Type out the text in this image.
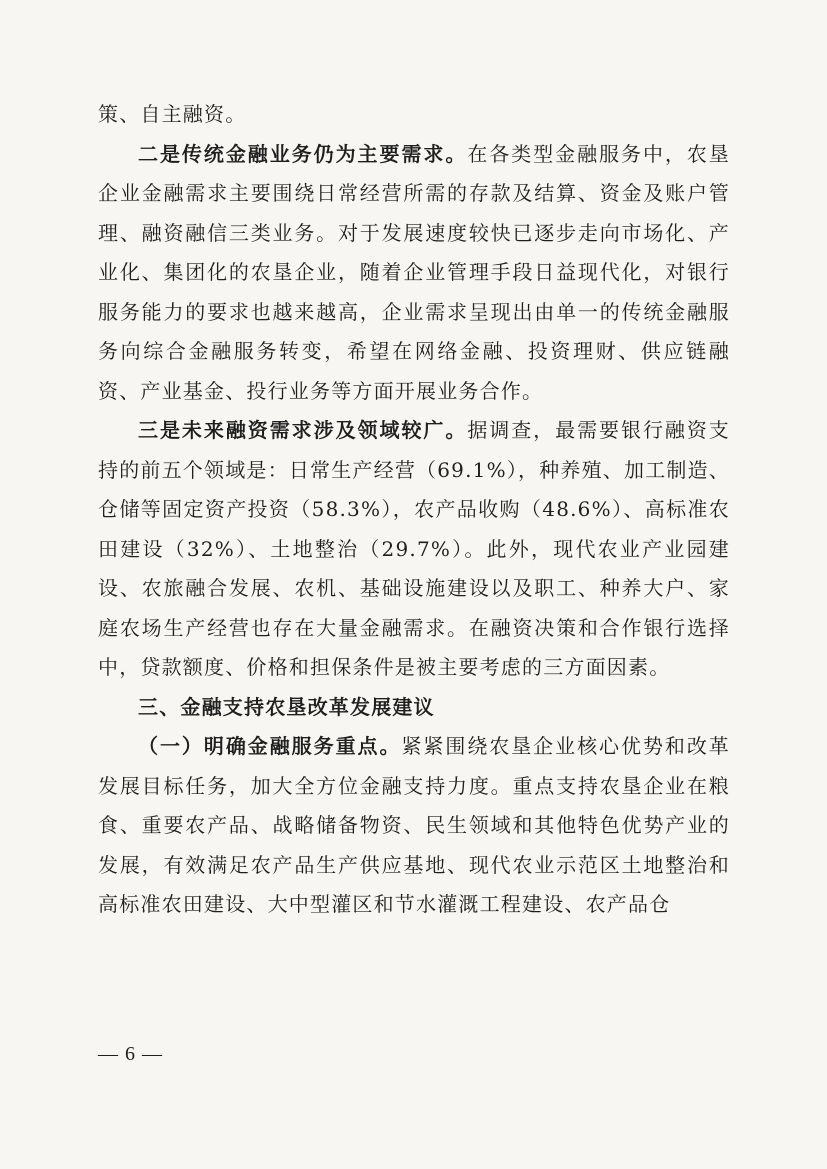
策、自主融资。

二是传统金融业务仍为主要需求。在各类型金融服务中，农垦企业金融需求主要围绕日常经营所需的存款及结算、资金及账户管理、融资融信三类业务。对于发展速度较快已逐步走向市场化、产业化、集团化的农垦企业，随着企业管理手段日益现代化，对银行服务能力的要求也越来越高，企业需求呈现出由单一的传统金融服务向综合金融服务转变，希望在网络金融、投资理财、供应链融资、产业基金、投行业务等方面开展业务合作。

三是未来融资需求涉及领域较广。据调查，最需要银行融资支持的前五个领域是：日常生产经营（69.1%），种养殖、加工制造、仓储等固定资产投资（58.3%），农产品收购（48.6%）、高标准农田建设（32%）、土地整治（29.7%）。此外，现代农业产业园建设、农旅融合发展、农机、基础设施建设以及职工、种养大户、家庭农场生产经营也存在大量金融需求。在融资决策和合作银行选择中，贷款额度、价格和担保条件是被主要考虑的三方面因素。

三、金融支持农垦改革发展建议

（一）明确金融服务重点。紧紧围绕农垦企业核心优势和改革发展目标任务，加大全方位金融支持力度。重点支持农垦企业在粮食、重要农产品、战略储备物资、民生领域和其他特色优势产业的发展，有效满足农产品生产供应基地、现代农业示范区土地整治和高标准农田建设、大中型灌区和节水灌溉工程建设、农产品仓

— 6 —
